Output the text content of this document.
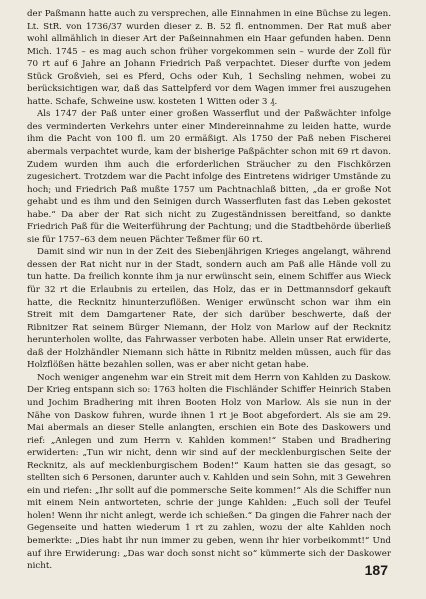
der Paßmann hatte auch zu versprechen, alle Einnahmen in eine Büchse zu legen. Lt. StR. von 1736/37 wurden dieser z. B. 52 fl. entnommen. Der Rat muß aber wohl allmählich in dieser Art der Paßeinnahmen ein Haar gefunden haben. Denn Mich. 1745 – es mag auch schon früher vorgekommen sein – wurde der Zoll für 70 rt auf 6 Jahre an Johann Friedrich Paß verpachtet. Dieser durfte von jedem Stück Großvieh, sei es Pferd, Ochs oder Kuh, 1 Sechsling nehmen, wobei zu berücksichtigen war, daß das Sattelpferd vor dem Wagen immer frei auszugehen hatte. Schafe, Schweine usw. kosteten 1 Witten oder 3 ₰.

Als 1747 der Paß unter einer großen Wasserflut und der Paßwächter infolge des verminderten Verkehrs unter einer Mindereinnahme zu leiden hatte, wurde ihm die Pacht von 100 fl. um 20 ermäßigt. Als 1750 der Paß neben Fischerei abermals verpachtet wurde, kam der bisherige Paßpächter schon mit 69 rt davon. Zudem wurden ihm auch die erforderlichen Sträucher zu den Fischkörzen zugesichert. Trotzdem war die Pacht infolge des Eintretens widriger Umstände zu hoch; und Friedrich Paß mußte 1757 um Pachtnachlaß bitten, „da er große Not gehabt und es ihm und den Seinigen durch Wasserfluten fast das Leben gekostet habe.“ Da aber der Rat sich nicht zu Zugeständnissen bereitfand, so dankte Friedrich Paß für die Weiterführung der Pachtung; und die Stadtbehörde überließ sie für 1757–63 dem neuen Pächter Teßmer für 60 rt.

Damit sind wir nun in der Zeit des Siebenjährigen Krieges angelangt, während dessen der Rat nicht nur in der Stadt, sondern auch am Paß alle Hände voll zu tun hatte. Da freilich konnte ihm ja nur erwünscht sein, einem Schiffer aus Wieck für 32 rt die Erlaubnis zu erteilen, das Holz, das er in Dettmannsdorf gekauft hatte, die Recknitz hinunterzuflößen. Weniger erwünscht schon war ihm ein Streit mit dem Damgartener Rate, der sich darüber beschwerte, daß der Ribnitzer Rat seinem Bürger Niemann, der Holz von Marlow auf der Recknitz herunterholen wollte, das Fahrwasser verboten habe. Allein unser Rat erwiderte, daß der Holzhändler Niemann sich hätte in Ribnitz melden müssen, auch für das Holzflößen hätte bezahlen sollen, was er aber nicht getan habe.

Noch weniger angenehm war ein Streit mit dem Herrn von Kahlden zu Daskow. Der Krieg entspann sich so: 1763 holten die Fischländer Schiffer Heinrich Staben und Jochim Bradhering mit ihren Booten Holz von Marlow. Als sie nun in der Nähe von Daskow fuhren, wurde ihnen 1 rt je Boot abgefordert. Als sie am 29. Mai abermals an dieser Stelle anlangten, erschien ein Bote des Daskowers und rief: „Anlegen und zum Herrn v. Kahlden kommen!“ Staben und Bradhering erwiderten: „Tun wir nicht, denn wir sind auf der mecklenburgischen Seite der Recknitz, als auf mecklenburgischem Boden!“ Kaum hatten sie das gesagt, so stellten sich 6 Personen, darunter auch v. Kahlden und sein Sohn, mit 3 Gewehren ein und riefen: „Ihr sollt auf die pommersche Seite kommen!“ Als die Schiffer nun mit einem Nein antworteten, schrie der junge Kahlden: „Euch soll der Teufel holen! Wenn ihr nicht anlegt, werde ich schießen.“ Da gingen die Fahrer nach der Gegenseite und hatten wiederum 1 rt zu zahlen, wozu der alte Kahlden noch bemerkte: „Dies habt ihr nun immer zu geben, wenn ihr hier vorbeikommt!“ Und auf ihre Erwiderung: „Das war doch sonst nicht so“ kümmerte sich der Daskower nicht.	187
